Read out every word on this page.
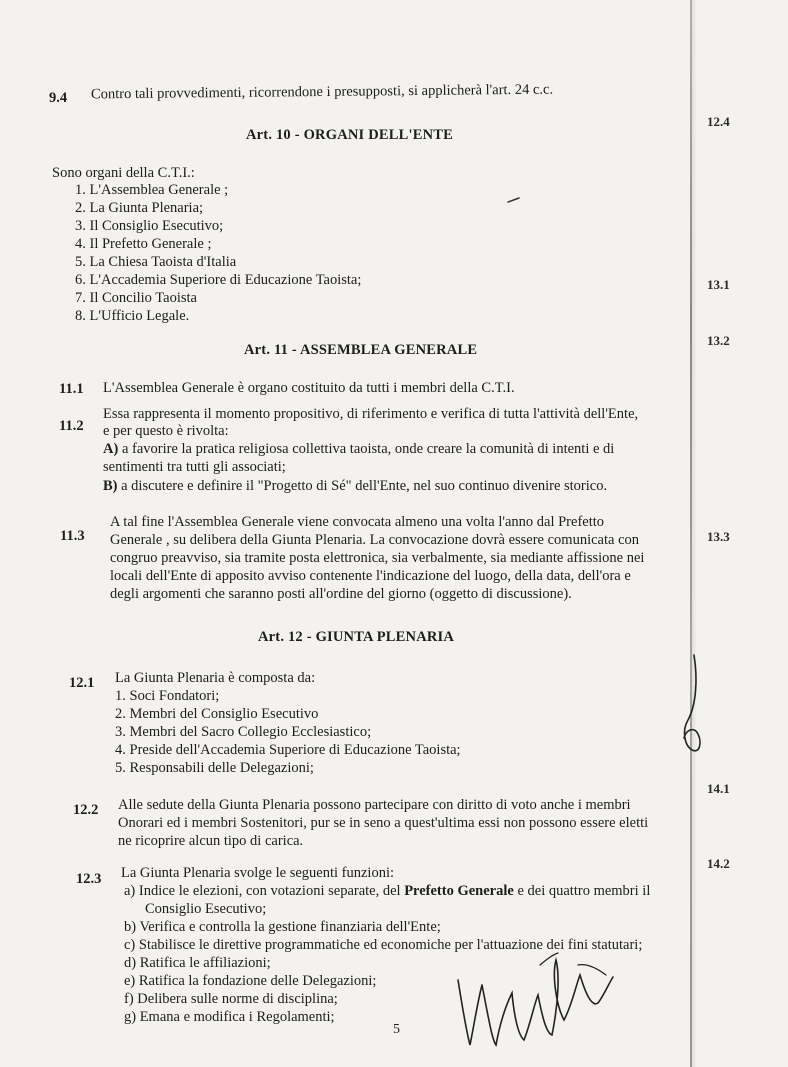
9.4 Contro tali provvedimenti, ricorrendone i presupposti, si applicherà l'art. 24 c.c.
Art. 10 - ORGANI DELL'ENTE
Sono organi della C.T.I.:
1. L'Assemblea Generale ;
2. La Giunta Plenaria;
3. Il Consiglio Esecutivo;
4. Il Prefetto Generale ;
5. La Chiesa Taoista d'Italia
6. L'Accademia Superiore di Educazione Taoista;
7. Il Concilio Taoista
8. L'Ufficio Legale.
Art. 11 - ASSEMBLEA GENERALE
11.1 L'Assemblea Generale è organo costituito da tutti i membri della C.T.I.
11.2
Essa rappresenta il momento propositivo, di riferimento e verifica di tutta l'attività dell'Ente,
e per questo è rivolta:
A) a favorire la pratica religiosa collettiva taoista, onde creare la comunità di intenti e di
sentimenti tra tutti gli associati;
B) a discutere e definire il "Progetto di Sé" dell'Ente, nel suo continuo divenire storico.
11.3
A tal fine l'Assemblea Generale viene convocata almeno una volta l'anno dal Prefetto
Generale , su delibera della Giunta Plenaria. La convocazione dovrà essere comunicata con
congruo preavviso, sia tramite posta elettronica, sia verbalmente, sia mediante affissione nei
locali dell'Ente di apposito avviso contenente l'indicazione del luogo, della data, dell'ora e
degli argomenti che saranno posti all'ordine del giorno (oggetto di discussione).
Art. 12 - GIUNTA PLENARIA
12.1 La Giunta Plenaria è composta da:
1. Soci Fondatori;
2. Membri del Consiglio Esecutivo
3. Membri del Sacro Collegio Ecclesiastico;
4. Preside dell'Accademia Superiore di Educazione Taoista;
5. Responsabili delle Delegazioni;
12.2 Alle sedute della Giunta Plenaria possono partecipare con diritto di voto anche i membri
Onorari ed i membri Sostenitori, pur se in seno a quest'ultima essi non possono essere eletti
ne ricoprire alcun tipo di carica.
12.3 La Giunta Plenaria svolge le seguenti funzioni:
a) Indice le elezioni, con votazioni separate, del Prefetto Generale e dei quattro membri il
Consiglio Esecutivo;
b) Verifica e controlla la gestione finanziaria dell'Ente;
c) Stabilisce le direttive programmatiche ed economiche per l'attuazione dei fini statutari;
d) Ratifica le affiliazioni;
e) Ratifica la fondazione delle Delegazioni;
f) Delibera sulle norme di disciplina;
g) Emana e modifica i Regolamenti;
12.4
13.1
13.2
13.3
14.1
14.2
5
